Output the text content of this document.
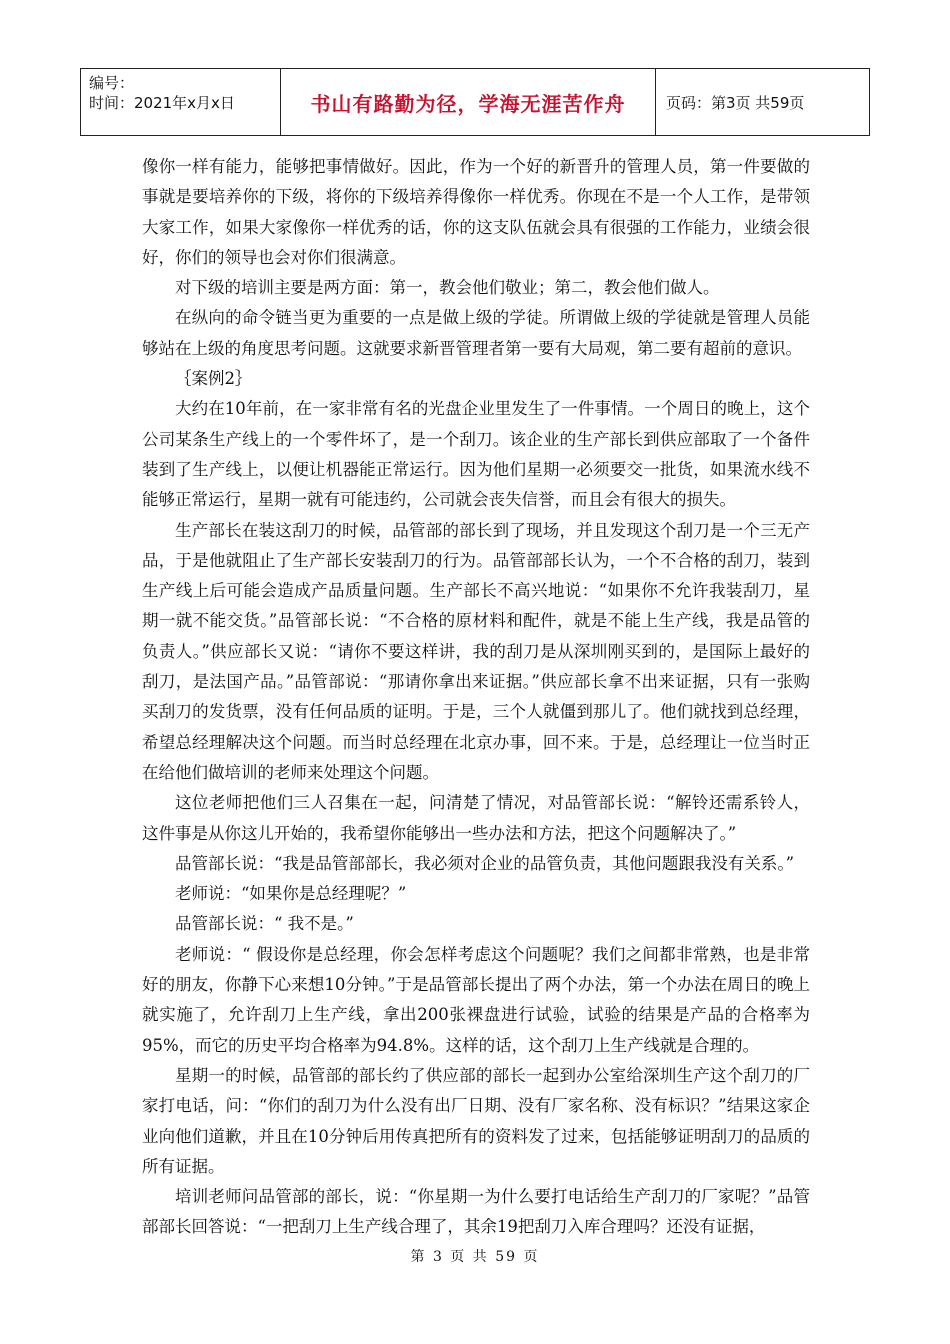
编号：
时间：2021年x月x日	书山有路勤为径，学海无涯苦作舟	页码：第3页 共59页

像你一样有能力，能够把事情做好。因此，作为一个好的新晋升的管理人员，第一件要做的事就是要培养你的下级，将你的下级培养得像你一样优秀。你现在不是一个人工作，是带领大家工作，如果大家像你一样优秀的话，你的这支队伍就会具有很强的工作能力，业绩会很好，你们的领导也会对你们很满意。

对下级的培训主要是两方面：第一，教会他们敬业；第二，教会他们做人。

在纵向的命令链当更为重要的一点是做上级的学徒。所谓做上级的学徒就是管理人员能够站在上级的角度思考问题。这就要求新晋管理者第一要有大局观，第二要有超前的意识。

｛案例2｝

大约在10年前，在一家非常有名的光盘企业里发生了一件事情。一个周日的晚上，这个公司某条生产线上的一个零件坏了，是一个刮刀。该企业的生产部长到供应部取了一个备件装到了生产线上，以便让机器能正常运行。因为他们星期一必须要交一批货，如果流水线不能够正常运行，星期一就有可能违约，公司就会丧失信誉，而且会有很大的损失。

生产部长在装这刮刀的时候，品管部的部长到了现场，并且发现这个刮刀是一个三无产品，于是他就阻止了生产部长安装刮刀的行为。品管部部长认为，一个不合格的刮刀，装到生产线上后可能会造成产品质量问题。生产部长不高兴地说：“如果你不允许我装刮刀，星期一就不能交货。”品管部长说：“不合格的原材料和配件，就是不能上生产线，我是品管的负责人。”供应部长又说：“请你不要这样讲，我的刮刀是从深圳刚买到的，是国际上最好的刮刀，是法国产品。”品管部说：“那请你拿出来证据。”供应部长拿不出来证据，只有一张购买刮刀的发货票，没有任何品质的证明。于是，三个人就僵到那儿了。他们就找到总经理，希望总经理解决这个问题。而当时总经理在北京办事，回不来。于是，总经理让一位当时正在给他们做培训的老师来处理这个问题。

这位老师把他们三人召集在一起，问清楚了情况，对品管部长说：“解铃还需系铃人，这件事是从你这儿开始的，我希望你能够出一些办法和方法，把这个问题解决了。”

品管部长说：“我是品管部部长，我必须对企业的品管负责，其他问题跟我没有关系。”

老师说：“如果你是总经理呢？”

品管部长说：“ 我不是。”

老师说：“ 假设你是总经理，你会怎样考虑这个问题呢？我们之间都非常熟，也是非常好的朋友，你静下心来想10分钟。”于是品管部长提出了两个办法，第一个办法在周日的晚上就实施了，允许刮刀上生产线，拿出200张裸盘进行试验，试验的结果是产品的合格率为95%，而它的历史平均合格率为94.8%。这样的话，这个刮刀上生产线就是合理的。

星期一的时候，品管部的部长约了供应部的部长一起到办公室给深圳生产这个刮刀的厂家打电话，问：“你们的刮刀为什么没有出厂日期、没有厂家名称、没有标识？”结果这家企业向他们道歉，并且在10分钟后用传真把所有的资料发了过来，包括能够证明刮刀的品质的所有证据。

培训老师问品管部的部长，说：“你星期一为什么要打电话给生产刮刀的厂家呢？”品管部部长回答说：“一把刮刀上生产线合理了，其余19把刮刀入库合理吗？还没有证据，

第 3 页 共 59 页
